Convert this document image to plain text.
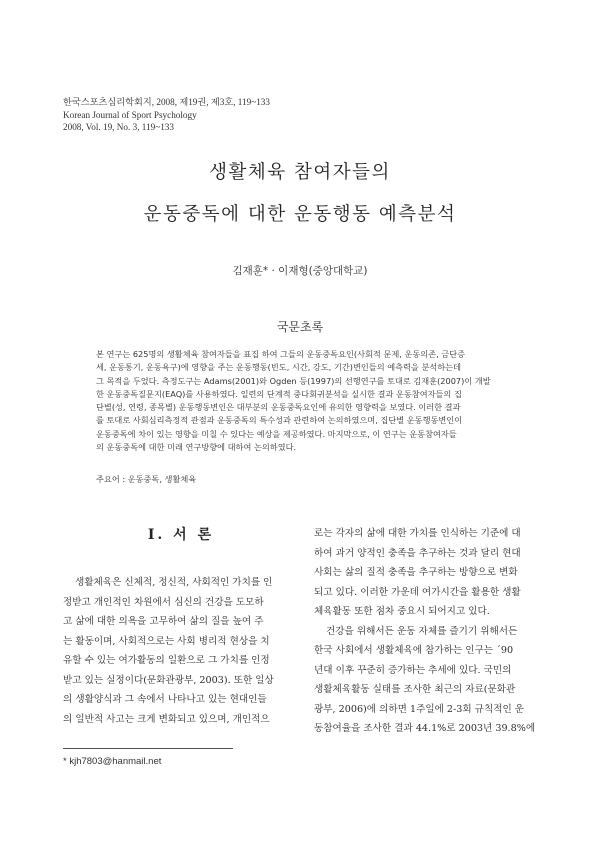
한국스포츠심리학회지, 2008, 제19권, 제3호, 119~133
Korean Journal of Sport Psychology
2008, Vol. 19, No. 3, 119~133
생활체육 참여자들의
운동중독에 대한 운동행동 예측분석
김재훈* · 이재형(중앙대학교)
국문초록
본 연구는 625명의 생활체육 참여자들을 표집 하여 그들의 운동중독요인(사회적 문제, 운동의존, 금단증
세, 운동통기, 운동욕구)에 영향을 주는 운동행동(빈도, 시간, 강도, 기간)변인들의 예측력을 분석하는데
그 목적을 두었다. 측정도구는 Adams(2001)와 Ogden 등(1997)의 선행연구를 토대로 김재훈(2007)이 개발
한 운동중독질문지(EAQ)를 사용하였다. 일련의 단계적 중다회귀분석을 실시한 결과 운동참여자들의 집
단별(성, 연령, 종목별) 운동행동변인은 대부분의 운동중독요인에 유의한 영향력을 보였다. 이러한 결과
를 토대로 사회심리측정적 관점과 운동중독의 특수성과 관련하여 논의하였으며, 집단별 운동행동변인이
운동중독에 차이 있는 영향을 미칠 수 있다는 예상을 제공하였다. 마지막으로, 이 연구는 운동참여자들
의 운동중독에 대한 미래 연구방향에 대하여 논의하였다.
주요어 : 운동중독, 생활체육
Ⅰ. 서 론
생활체육은 신체적, 정신적, 사회적인 가치를 인
정받고 개인적인 차원에서 심신의 건강을 도모하
고 삶에 대한 의욕을 고무하여 삶의 질을 높여 주
는 활동이며, 사회적으로는 사회 병리적 현상을 치
유할 수 있는 여가활동의 일환으로 그 가치를 인정
받고 있는 실정이다(문화관광부, 2003). 또한 일상
의 생활양식과 그 속에서 나타나고 있는 현대인들
의 일반적 사고는 크게 변화되고 있으며, 개인적으
로는 각자의 삶에 대한 가치를 인식하는 기준에 대
하여 과거 양적인 충족을 추구하는 것과 달리 현대
사회는 삶의 질적 충족을 추구하는 방향으로 변화
되고 있다. 이러한 가운데 여가시간을 활용한 생활
체육활동 또한 점차 중요시 되어지고 있다.
건강을 위해서든 운동 자체를 즐기기 위해서든
한국 사회에서 생활체육에 참가하는 인구는 ´90
년대 이후 꾸준히 증가하는 추세에 있다. 국민의
생활체육활동 실태를 조사한 최근의 자료(문화관
광부, 2006)에 의하면 1주일에 2-3회 규칙적인 운
동참여율을 조사한 결과 44.1%로 2003년 39.8%에
* kjh7803@hanmail.net
